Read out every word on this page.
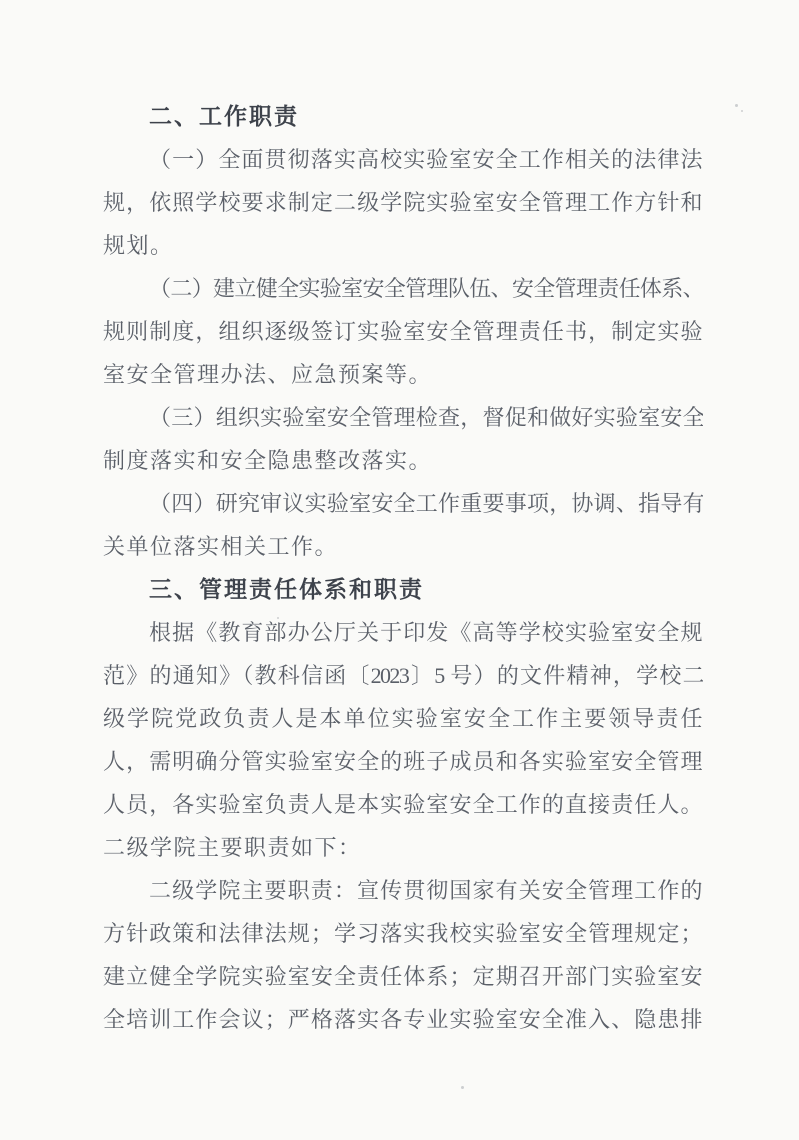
二、工作职责
（一）全面贯彻落实高校实验室安全工作相关的法律法
规，依照学校要求制定二级学院实验室安全管理工作方针和
规划。
（二）建立健全实验室安全管理队伍、安全管理责任体系、
规则制度，组织逐级签订实验室安全管理责任书，制定实验
室安全管理办法、应急预案等。
（三）组织实验室安全管理检查，督促和做好实验室安全
制度落实和安全隐患整改落实。
（四）研究审议实验室安全工作重要事项，协调、指导有
关单位落实相关工作。
三、管理责任体系和职责
根据《教育部办公厅关于印发《高等学校实验室安全规
范》的通知》（教科信函〔2023〕5 号）的文件精神，学校二
级学院党政负责人是本单位实验室安全工作主要领导责任
人，需明确分管实验室安全的班子成员和各实验室安全管理
人员，各实验室负责人是本实验室安全工作的直接责任人。
二级学院主要职责如下：
二级学院主要职责：宣传贯彻国家有关安全管理工作的
方针政策和法律法规；学习落实我校实验室安全管理规定；
建立健全学院实验室安全责任体系；定期召开部门实验室安
全培训工作会议；严格落实各专业实验室安全准入、隐患排
